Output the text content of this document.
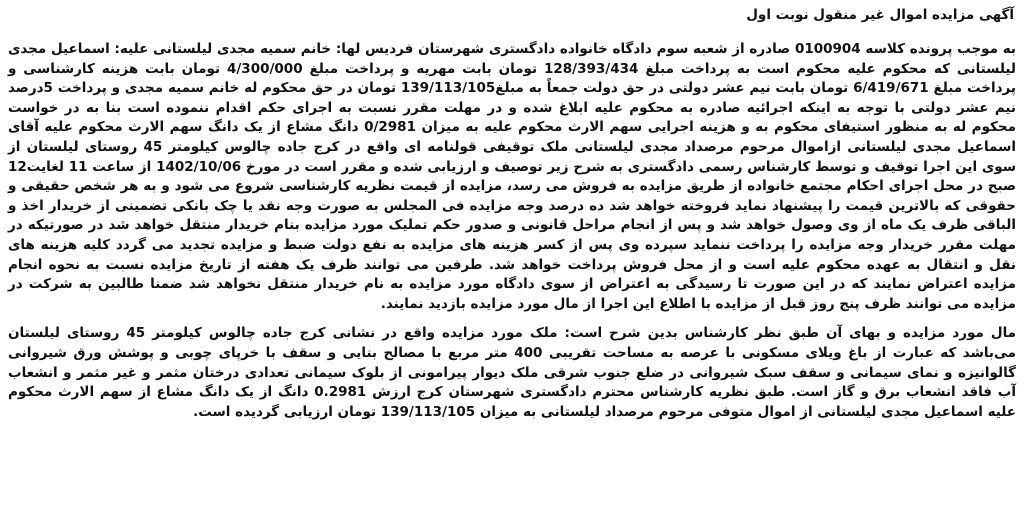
آگهی مزایده اموال غیر منقول نوبت اول

به موجب پرونده کلاسه 0100904 صادره از شعبه سوم دادگاه خانواده دادگستری شهرستان فردیس لها: خانم سمیه مجدی لیلستانی علیه: اسماعیل مجدی لیلستانی که محکوم علیه محکوم است به پرداخت مبلغ 128/393/434 تومان بابت مهریه و پرداخت مبلغ 4/300/000 تومان بابت هزینه کارشناسی و پرداخت مبلغ 6/419/671 تومان بابت نیم عشر دولتی در حق دولت جمعاً به مبلغ139/113/105 تومان در حق محکوم له خانم سمیه مجدی و پرداخت 5درصد نیم عشر دولتی با توجه به اینکه اجرائیه صادره به محکوم علیه ابلاغ شده و در مهلت مقرر نسبت به اجرای حکم اقدام ننموده است بنا به در خواست محکوم له به منظور استیفای محکوم به و هزینه اجرایی سهم الارث محکوم علیه به میزان 0/2981 دانگ مشاع از یک دانگ سهم الارث محکوم علیه آقای اسماعیل مجدی لیلستانی ازاموال مرحوم مرصداد مجدی لیلستانی ملک توقیفی قولنامه ای واقع در کرج جاده چالوس کیلومتر 45 روستای لیلستان از سوی این اجرا توقیف و توسط کارشناس رسمی دادگستری به شرح زیر توصیف و ارزیابی شده و مقرر است در مورخ 1402/10/06 از ساعت 11 لغایت12 صبح در محل اجرای احکام مجتمع خانواده از طریق مزایده به فروش می رسد، مزایده از قیمت نظریه کارشناسی شروع می شود و به هر شخص حقیقی و حقوقی که بالاترین قیمت را پیشنهاد نماید فروخته خواهد شد ده درصد وجه مزایده فی المجلس به صورت وجه نقد یا چک بانکی تضمینی از خریدار اخذ و الباقی ظرف یک ماه از وی وصول خواهد شد و پس از انجام مراحل قانونی و صدور حکم تملیک مورد مزایده بنام خریدار منتقل خواهد شد در صورتیکه در مهلت مقرر خریدار وجه مزایده را پرداخت ننماید سپرده وی پس از کسر هزینه های مزایده به نفع دولت ضبط و مزایده تجدید می گردد کلیه هزینه های نقل و انتقال به عهده محکوم علیه است و از محل فروش پرداخت خواهد شد. طرفین می توانند ظرف یک هفته از تاریخ مزایده نسبت به نحوه انجام مزایده اعتراض نمایند که در این صورت تا رسیدگی به اعتراض از سوی دادگاه مورد مزایده به نام خریدار منتقل نخواهد شد ضمنا طالبین به شرکت در مزایده می توانند ظرف پنج روز قبل از مزایده با اطلاع این اجرا از مال مورد مزایده بازدید نمایند.

مال مورد مزایده و بهای آن طبق نظر کارشناس بدین شرح است: ملک مورد مزایده واقع در نشانی کرج جاده چالوس کیلومتر 45 روستای لیلستان می‌باشد که عبارت از باغ ویلای مسکونی با عرصه به مساحت تقریبی 400 متر مربع با مصالح بنایی و سقف با خرپای چوبی و پوشش ورق شیروانی گالوانیزه و نمای سیمانی و سقف سبک شیروانی در ضلع جنوب شرقی ملک دیوار پیرامونی از بلوک سیمانی تعدادی درختان مثمر و غیر مثمر و انشعاب آب فاقد انشعاب برق و گاز است. طبق نظریه کارشناس محترم دادگستری شهرستان کرج ارزش 0.2981 دانگ از یک دانگ مشاع از سهم الارث محکوم علیه اسماعیل مجدی لیلستانی از اموال متوفی مرحوم مرصداد لیلستانی به میزان 139/113/105 تومان ارزیابی گردیده است.
